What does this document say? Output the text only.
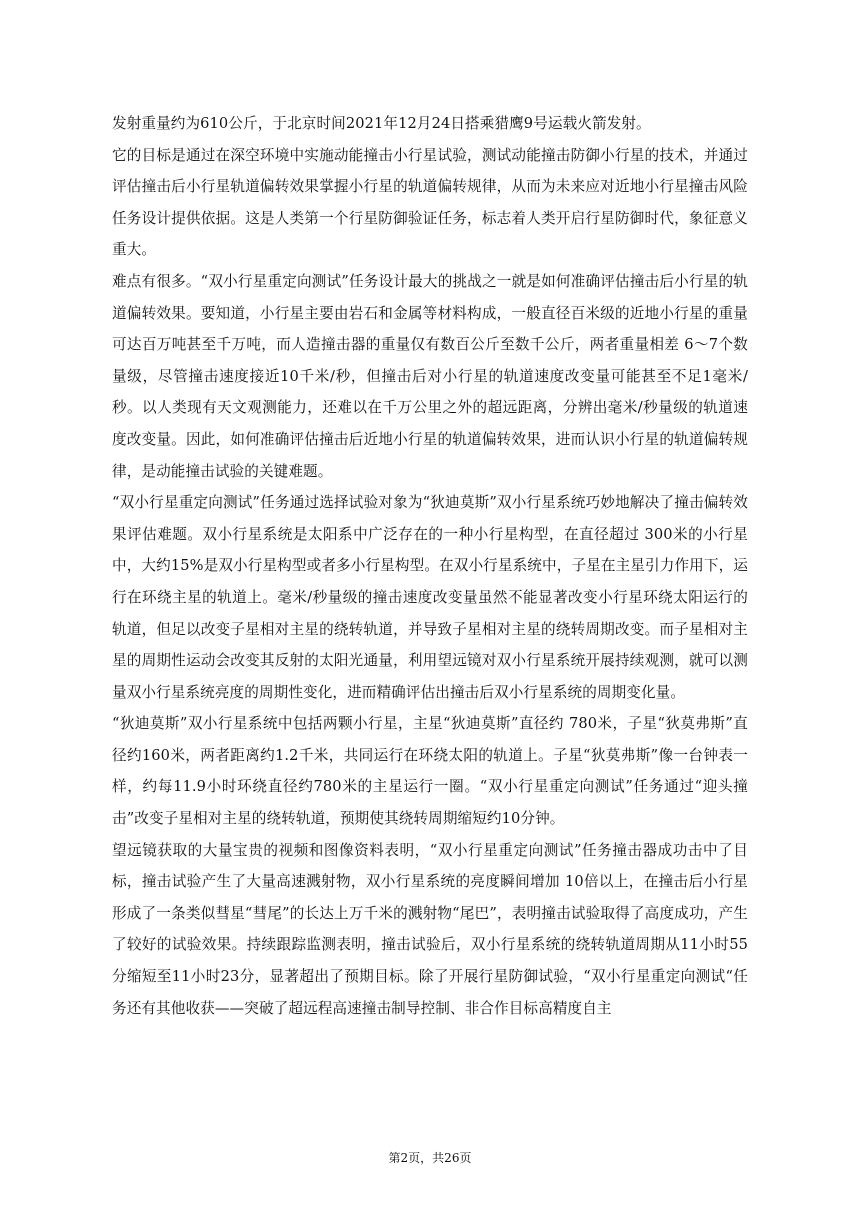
发射重量约为610公斤，于北京时间2021年12月24日搭乘猎鹰9号运载火箭发射。

它的目标是通过在深空环境中实施动能撞击小行星试验，测试动能撞击防御小行星的技术，并通过评估撞击后小行星轨道偏转效果掌握小行星的轨道偏转规律，从而为未来应对近地小行星撞击风险任务设计提供依据。这是人类第一个行星防御验证任务，标志着人类开启行星防御时代，象征意义重大。

难点有很多。“双小行星重定向测试”任务设计最大的挑战之一就是如何准确评估撞击后小行星的轨道偏转效果。要知道，小行星主要由岩石和金属等材料构成，一般直径百米级的近地小行星的重量可达百万吨甚至千万吨，而人造撞击器的重量仅有数百公斤至数千公斤，两者重量相差 6～7个数量级，尽管撞击速度接近10千米/秒，但撞击后对小行星的轨道速度改变量可能甚至不足1毫米/秒。以人类现有天文观测能力，还难以在千万公里之外的超远距离，分辨出毫米/秒量级的轨道速度改变量。因此，如何准确评估撞击后近地小行星的轨道偏转效果，进而认识小行星的轨道偏转规律，是动能撞击试验的关键难题。

“双小行星重定向测试”任务通过选择试验对象为“狄迪莫斯”双小行星系统巧妙地解决了撞击偏转效果评估难题。双小行星系统是太阳系中广泛存在的一种小行星构型，在直径超过 300米的小行星中，大约15%是双小行星构型或者多小行星构型。在双小行星系统中，子星在主星引力作用下，运行在环绕主星的轨道上。毫米/秒量级的撞击速度改变量虽然不能显著改变小行星环绕太阳运行的轨道，但足以改变子星相对主星的绕转轨道，并导致子星相对主星的绕转周期改变。而子星相对主星的周期性运动会改变其反射的太阳光通量，利用望远镜对双小行星系统开展持续观测，就可以测量双小行星系统亮度的周期性变化，进而精确评估出撞击后双小行星系统的周期变化量。

“狄迪莫斯”双小行星系统中包括两颗小行星，主星“狄迪莫斯”直径约 780米，子星“狄莫弗斯”直径约160米，两者距离约1.2千米，共同运行在环绕太阳的轨道上。子星“狄莫弗斯”像一台钟表一样，约每11.9小时环绕直径约780米的主星运行一圈。“双小行星重定向测试”任务通过“迎头撞击”改变子星相对主星的绕转轨道，预期使其绕转周期缩短约10分钟。

望远镜获取的大量宝贵的视频和图像资料表明，“双小行星重定向测试”任务撞击器成功击中了目标，撞击试验产生了大量高速溅射物，双小行星系统的亮度瞬间增加 10倍以上，在撞击后小行星形成了一条类似彗星“彗尾”的长达上万千米的溅射物“尾巴”，表明撞击试验取得了高度成功，产生了较好的试验效果。持续跟踪监测表明，撞击试验后，双小行星系统的绕转轨道周期从11小时55分缩短至11小时23分，显著超出了预期目标。除了开展行星防御试验，“双小行星重定向测试“任务还有其他收获——突破了超远程高速撞击制导控制、非合作目标高精度自主

第2页，共26页
